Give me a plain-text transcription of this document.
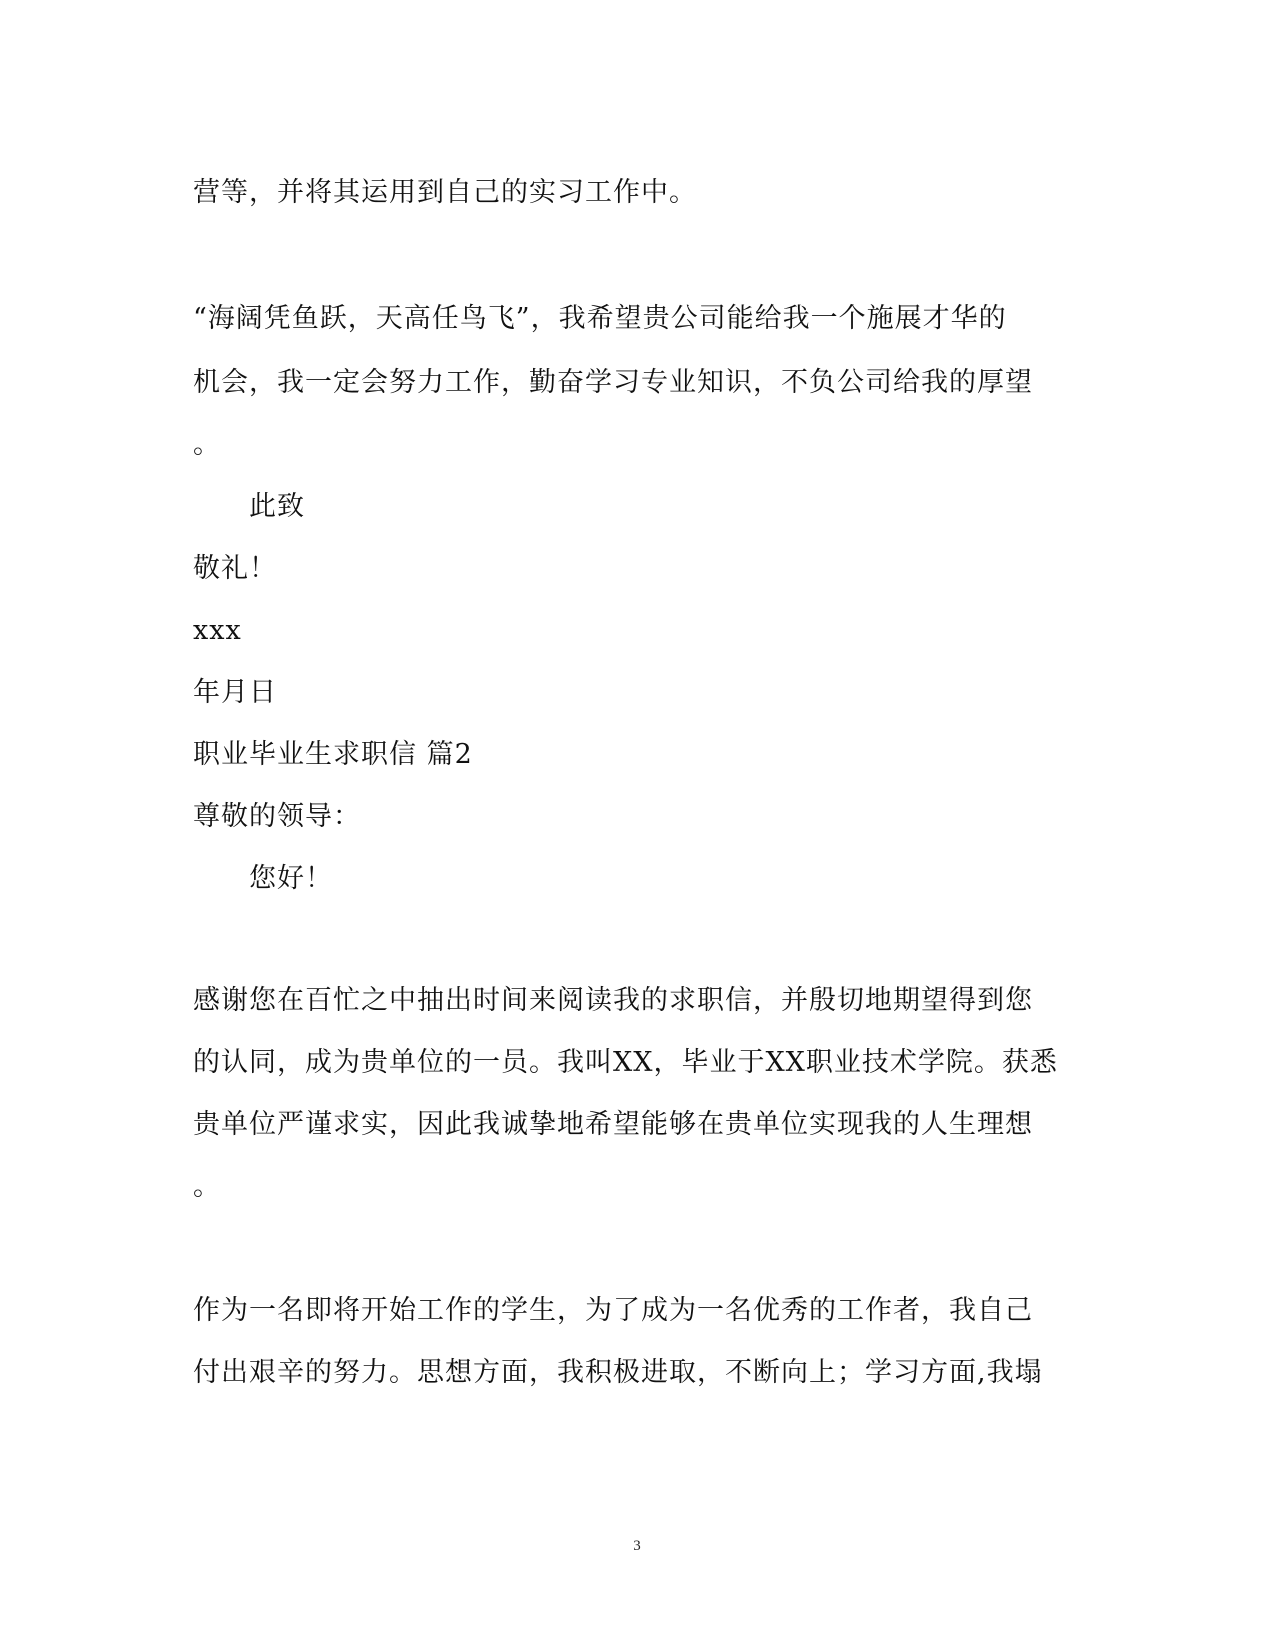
营等，并将其运用到自己的实习工作中。

“海阔凭鱼跃，天高任鸟飞”，我希望贵公司能给我一个施展才华的

机会，我一定会努力工作，勤奋学习专业知识，不负公司给我的厚望

。

此致

敬礼！

xxx

年月日

职业毕业生求职信 篇2

尊敬的领导：

您好！

感谢您在百忙之中抽出时间来阅读我的求职信，并殷切地期望得到您

的认同，成为贵单位的一员。我叫XX，毕业于XX职业技术学院。获悉

贵单位严谨求实，因此我诚挚地希望能够在贵单位实现我的人生理想

。

作为一名即将开始工作的学生，为了成为一名优秀的工作者，我自己

付出艰辛的努力。思想方面，我积极进取，不断向上；学习方面,我塌

3
